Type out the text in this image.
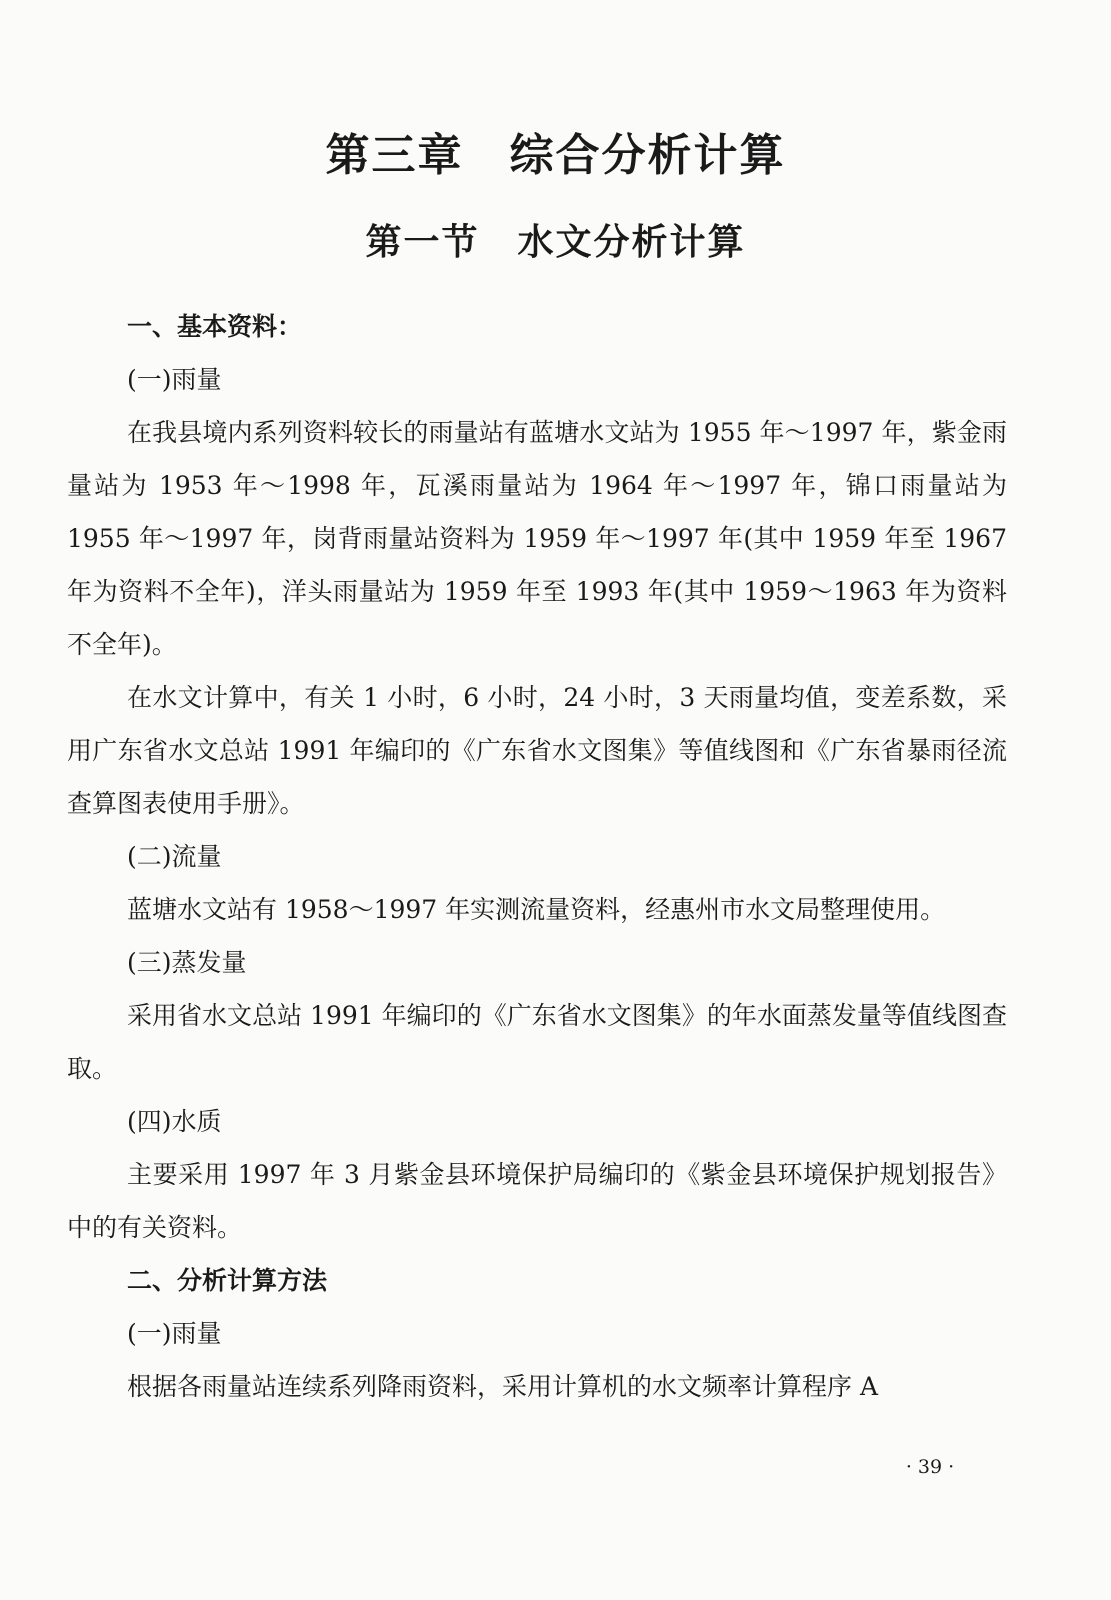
第三章　综合分析计算
第一节　水文分析计算

一、基本资料：

(一)雨量

在我县境内系列资料较长的雨量站有蓝塘水文站为 1955 年～1997 年，紫金雨量站为 1953 年～1998 年，瓦溪雨量站为 1964 年～1997 年，锦口雨量站为 1955 年～1997 年，岗背雨量站资料为 1959 年～1997 年(其中 1959 年至 1967 年为资料不全年)，洋头雨量站为 1959 年至 1993 年(其中 1959～1963 年为资料不全年)。

在水文计算中，有关 1 小时，6 小时，24 小时，3 天雨量均值，变差系数，采用广东省水文总站 1991 年编印的《广东省水文图集》等值线图和《广东省暴雨径流查算图表使用手册》。

(二)流量

蓝塘水文站有 1958～1997 年实测流量资料，经惠州市水文局整理使用。

(三)蒸发量

采用省水文总站 1991 年编印的《广东省水文图集》的年水面蒸发量等值线图查取。

(四)水质

主要采用 1997 年 3 月紫金县环境保护局编印的《紫金县环境保护规划报告》中的有关资料。

二、分析计算方法

(一)雨量

根据各雨量站连续系列降雨资料，采用计算机的水文频率计算程序 A

· 39 ·
